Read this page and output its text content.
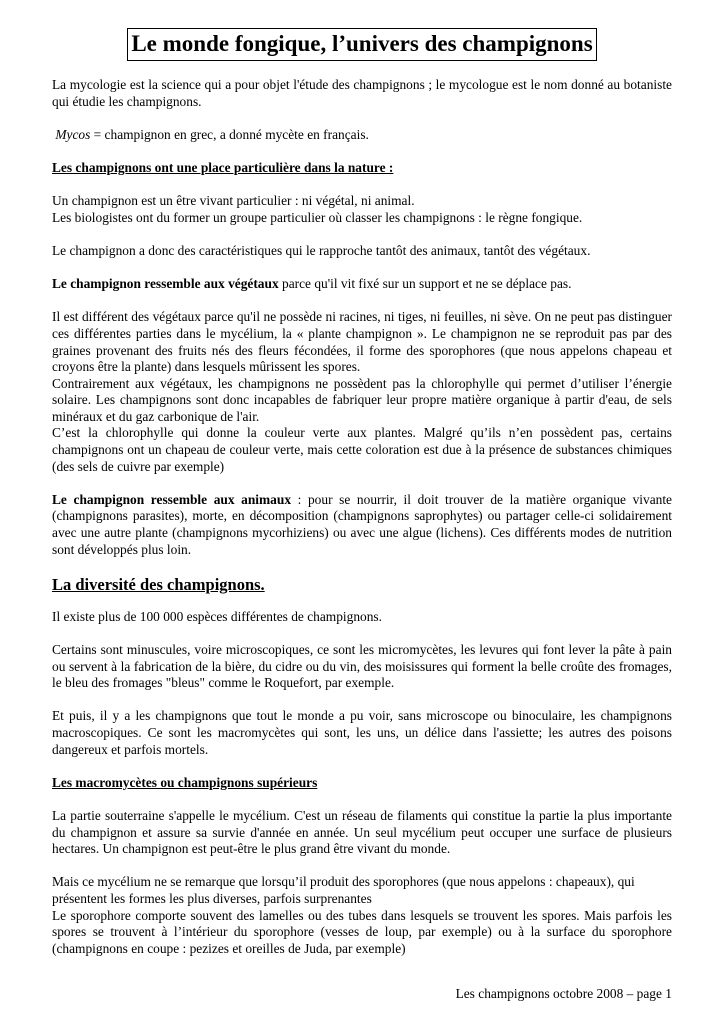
Le monde fongique, l’univers des champignons

La mycologie est la science qui a pour objet l'étude des champignons ; le mycologue est le nom donné au botaniste qui étudie les champignons.

Mycos = champignon en grec, a donné mycète en français.

Les champignons ont une place particulière dans la nature :

Un champignon est un être vivant particulier : ni végétal, ni animal.

Les biologistes ont du former un groupe particulier où classer les champignons : le règne fongique.

Le champignon a donc des caractéristiques qui le rapproche tantôt des animaux, tantôt des végétaux.

Le champignon ressemble aux végétaux parce qu'il vit fixé sur un support et ne se déplace pas.

Il est différent des végétaux parce qu'il ne possède ni racines, ni tiges, ni feuilles, ni sève. On ne peut pas distinguer ces différentes parties dans le mycélium, la « plante champignon ». Le champignon ne se reproduit pas par des graines provenant des fruits nés des fleurs fécondées, il forme des sporophores (que nous appelons chapeau et croyons être la plante) dans lesquels mûrissent les spores.

Contrairement aux végétaux, les champignons ne possèdent pas la chlorophylle qui permet d’utiliser l’énergie solaire. Les champignons sont donc incapables de fabriquer leur propre matière organique à partir d'eau, de sels minéraux et du gaz carbonique de l'air.

C’est la chlorophylle qui donne la couleur verte aux plantes. Malgré qu’ils n’en possèdent pas, certains champignons ont un chapeau de couleur verte, mais cette coloration est due à la présence de substances chimiques (des sels de cuivre par exemple)

Le champignon ressemble aux animaux : pour se nourrir, il doit trouver de la matière organique vivante (champignons parasites), morte, en décomposition (champignons saprophytes) ou partager celle-ci solidairement avec une autre plante (champignons mycorhiziens) ou avec une algue (lichens). Ces différents modes de nutrition sont développés plus loin.

La diversité des champignons.

Il existe plus de 100 000 espèces différentes de champignons.

Certains sont minuscules, voire microscopiques, ce sont les micromycètes, les levures qui font lever la pâte à pain ou servent à la fabrication de la bière, du cidre ou du vin, des moisissures qui forment la belle croûte des fromages, le bleu des fromages "bleus" comme le Roquefort, par exemple.

Et puis, il y a les champignons que tout le monde a pu voir, sans microscope ou binoculaire, les champignons macroscopiques. Ce sont les macromycètes qui sont, les uns, un délice dans l'assiette; les autres des poisons dangereux et parfois mortels.

Les macromycètes ou champignons supérieurs

La partie souterraine s'appelle le mycélium. C'est un réseau de filaments qui constitue la partie la plus importante du champignon et assure sa survie d'année en année. Un seul mycélium peut occuper une surface de plusieurs hectares. Un champignon est peut-être le plus grand être vivant du monde.

Mais ce mycélium ne se remarque que lorsqu’il produit des sporophores (que nous appelons : chapeaux), qui présentent les formes les plus diverses, parfois surprenantes

Le sporophore comporte souvent des lamelles ou des tubes dans lesquels se trouvent les spores. Mais parfois les spores se trouvent à l’intérieur du sporophore (vesses de loup, par exemple) ou à la surface du sporophore (champignons en coupe : pezizes et oreilles de Juda, par exemple)

Les champignons octobre 2008 – page 1
